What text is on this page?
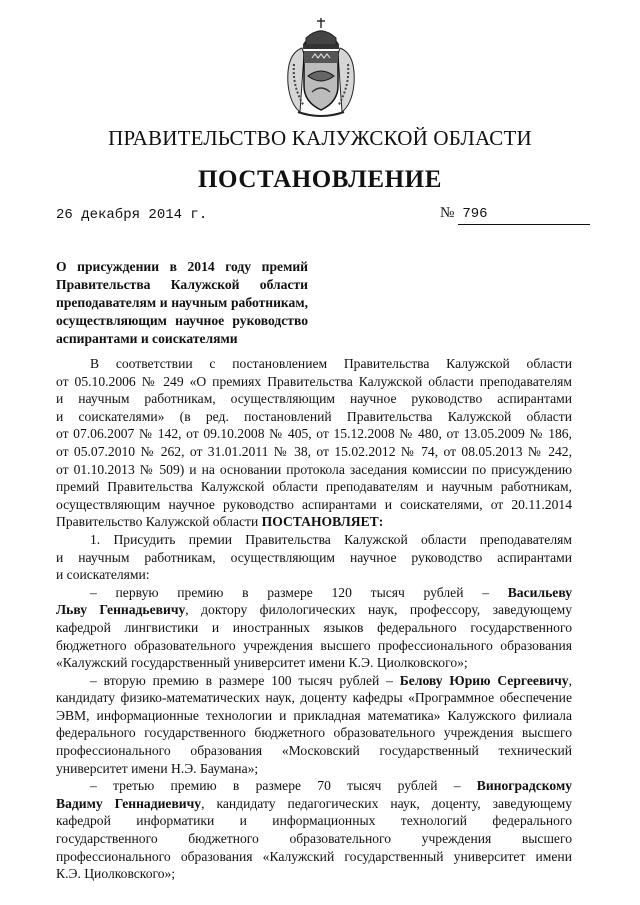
ПРАВИТЕЛЬСТВО КАЛУЖСКОЙ ОБЛАСТИ
ПОСТАНОВЛЕНИЕ
26 декабря 2014 г.	№ 796
О присуждении в 2014 году премий
Правительства Калужской области
преподавателям и научным работникам,
осуществляющим научное руководство
аспирантами и соискателями
В соответствии с постановлением Правительства Калужской области
от 05.10.2006 № 249 «О премиях Правительства Калужской области преподавателям
и научным работникам, осуществляющим научное руководство аспирантами
и соискателями» (в ред. постановлений Правительства Калужской области
от 07.06.2007 № 142, от 09.10.2008 № 405, от 15.12.2008 № 480, от 13.05.2009 № 186,
от 05.07.2010 № 262, от 31.01.2011 № 38, от 15.02.2012 № 74, от 08.05.2013 № 242,
от 01.10.2013 № 509) и на основании протокола заседания комиссии по присуждению
премий Правительства Калужской области преподавателям и научным работникам,
осуществляющим научное руководство аспирантами и соискателями, от 20.11.2014
Правительство Калужской области ПОСТАНОВЛЯЕТ:
1. Присудить премии Правительства Калужской области преподавателям
и научным работникам, осуществляющим научное руководство аспирантами
и соискателями:
– первую премию в размере 120 тысяч рублей – Васильеву
Льву Геннадьевичу, доктору филологических наук, профессору, заведующему
кафедрой лингвистики и иностранных языков федерального государственного
бюджетного образовательного учреждения высшего профессионального образования
«Калужский государственный университет имени К.Э. Циолковского»;
– вторую премию в размере 100 тысяч рублей – Белову Юрию Сергеевичу,
кандидату физико-математических наук, доценту кафедры «Программное обеспечение
ЭВМ, информационные технологии и прикладная математика» Калужского филиала
федерального государственного бюджетного образовательного учреждения высшего
профессионального образования «Московский государственный технический
университет имени Н.Э. Баумана»;
– третью премию в размере 70 тысяч рублей – Виноградскому
Вадиму Геннадиевичу, кандидату педагогических наук, доценту, заведующему
кафедрой информатики и информационных технологий федерального
государственного бюджетного образовательного учреждения высшего
профессионального образования «Калужский государственный университет имени
К.Э. Циолковского»;
